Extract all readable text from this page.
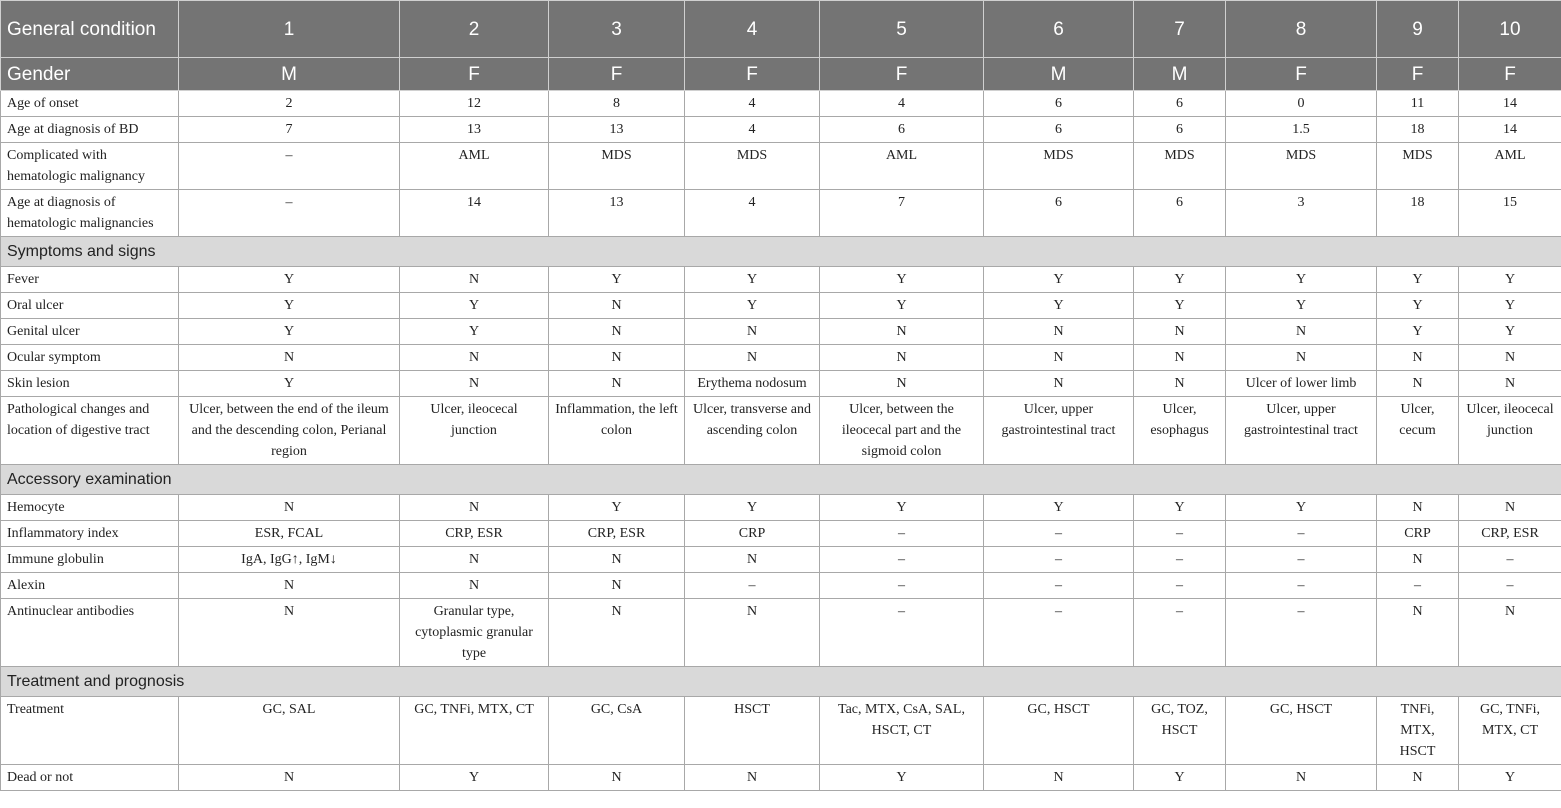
General condition	1	2	3	4	5	6	7	8	9	10
Gender	M	F	F	F	F	M	M	F	F	F
Age of onset	2	12	8	4	4	6	6	0	11	14
Age at diagnosis of BD	7	13	13	4	6	6	6	1.5	18	14
Complicated with hematologic malignancy	–	AML	MDS	MDS	AML	MDS	MDS	MDS	MDS	AML
Age at diagnosis of hematologic malignancies	–	14	13	4	7	6	6	3	18	15
Symptoms and signs										
Fever	Y	N	Y	Y	Y	Y	Y	Y	Y	Y
Oral ulcer	Y	Y	N	Y	Y	Y	Y	Y	Y	Y
Genital ulcer	Y	Y	N	N	N	N	N	N	Y	Y
Ocular symptom	N	N	N	N	N	N	N	N	N	N
Skin lesion	Y	N	N	Erythema nodosum	N	N	N	Ulcer of lower limb	N	N
Pathological changes and location of digestive tract	Ulcer, between the end of the ileum and the descending colon, Perianal region	Ulcer, ileocecal junction	Inflammation, the left colon	Ulcer, transverse and ascending colon	Ulcer, between the ileocecal part and the sigmoid colon	Ulcer, upper gastrointestinal tract	Ulcer, esophagus	Ulcer, upper gastrointestinal tract	Ulcer, cecum	Ulcer, ileocecal junction
Accessory examination										
Hemocyte	N	N	Y	Y	Y	Y	Y	Y	N	N
Inflammatory index	ESR, FCAL	CRP, ESR	CRP, ESR	CRP	–	–	–	–	CRP	CRP, ESR
Immune globulin	IgA, IgG↑, IgM↓	N	N	N	–	–	–	–	N	–
Alexin	N	N	N	–	–	–	–	–	–	–
Antinuclear antibodies	N	Granular type, cytoplasmic granular type	N	N	–	–	–	–	N	N
Treatment and prognosis										
Treatment	GC, SAL	GC, TNFi, MTX, CT	GC, CsA	HSCT	Tac, MTX, CsA, SAL, HSCT, CT	GC, HSCT	GC, TOZ, HSCT	GC, HSCT	TNFi, MTX, HSCT	GC, TNFi, MTX, CT
Dead or not	N	Y	N	N	Y	N	Y	N	N	Y
